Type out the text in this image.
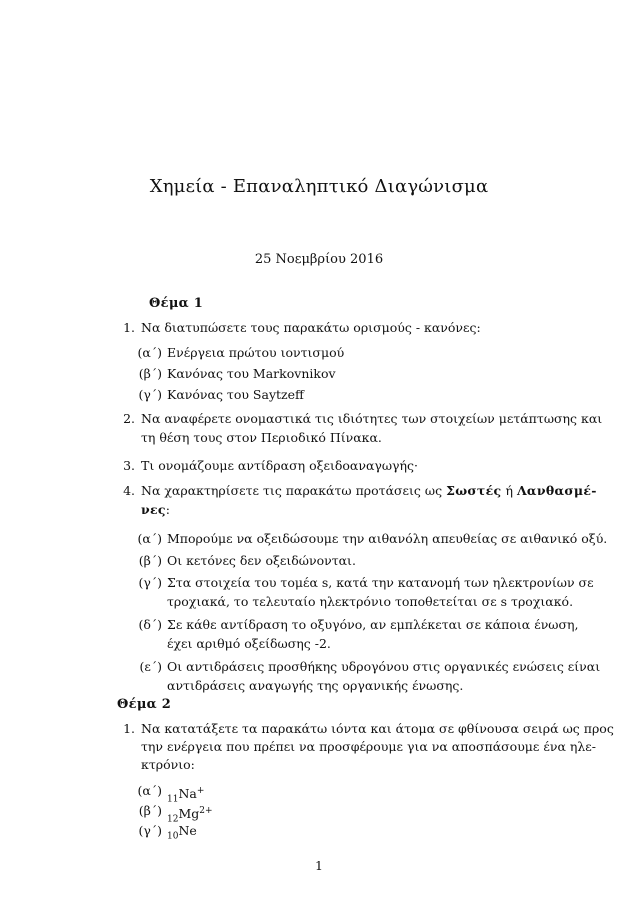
Χημεία - Επαναληπτικό Διαγώνισμα
25 Νοεμβρίου 2016
Θέμα 1
1. Να διατυπώσετε τους παρακάτω ορισμούς - κανόνες:
(α΄) Ενέργεια πρώτου ιοντισμού
(β΄) Κανόνας του Markovnikov
(γ΄) Κανόνας του Saytzeff
2. Να αναφέρετε ονομαστικά τις ιδιότητες των στοιχείων μετάπτωσης και
τη θέση τους στον Περιοδικό Πίνακα.
3. Τι ονομάζουμε αντίδραση οξειδοαναγωγής·
4. Να χαρακτηρίσετε τις παρακάτω προτάσεις ως Σωστές ή Λανθασμέ-
νες:
(α΄) Μπορούμε να οξειδώσουμε την αιθανόλη απευθείας σε αιθανικό οξύ.
(β΄) Οι κετόνες δεν οξειδώνονται.
(γ΄) Στα στοιχεία του τομέα s, κατά την κατανομή των ηλεκτρονίων σε
τροχιακά, το τελευταίο ηλεκτρόνιο τοποθετείται σε s τροχιακό.
(δ΄) Σε κάθε αντίδραση το οξυγόνο, αν εμπλέκεται σε κάποια ένωση,
έχει αριθμό οξείδωσης -2.
(ε΄) Οι αντιδράσεις προσθήκης υδρογόνου στις οργανικές ενώσεις είναι
αντιδράσεις αναγωγής της οργανικής ένωσης.
Θέμα 2
1. Να κατατάξετε τα παρακάτω ιόντα και άτομα σε φθίνουσα σειρά ως προς
την ενέργεια που πρέπει να προσφέρουμε για να αποσπάσουμε ένα ηλε-
κτρόνιο:
(α΄)
$_{11}$Na+
(β΄)
$_{12}Mg^{2+}$
(γ΄) $_{10}$Ne
1
